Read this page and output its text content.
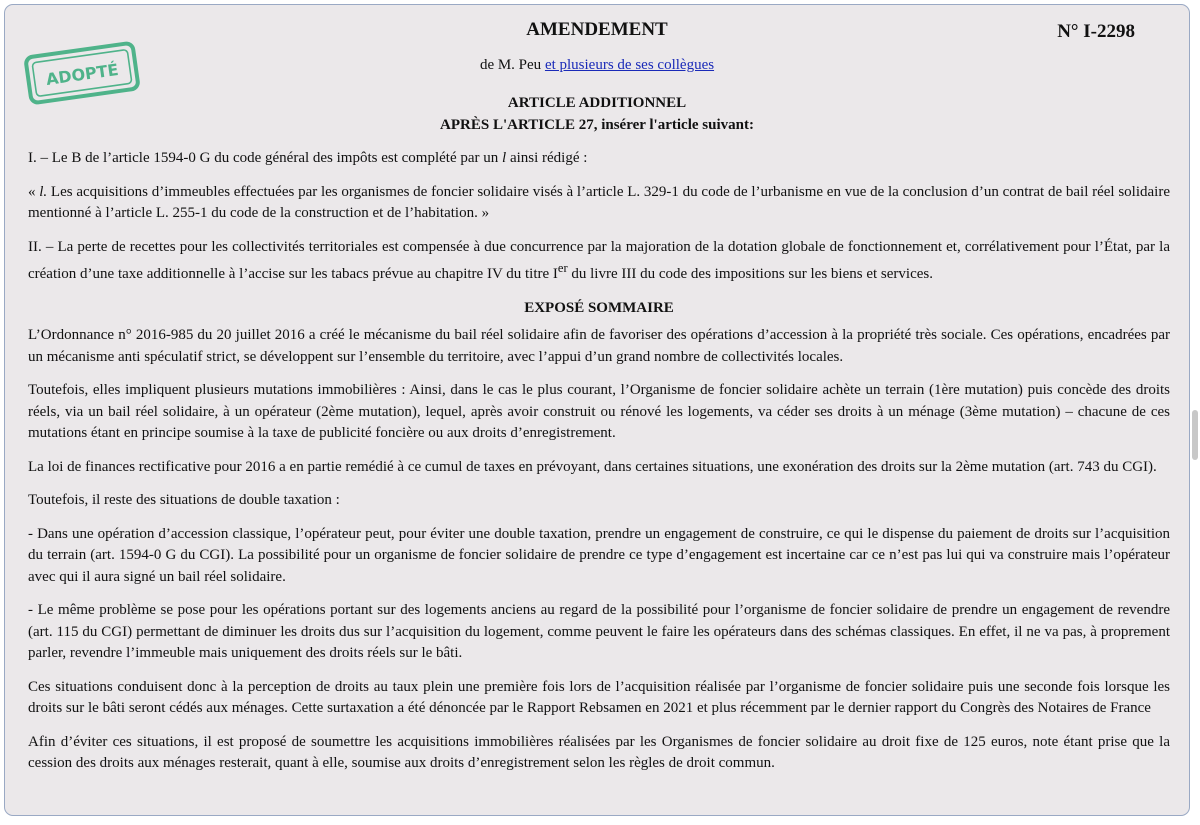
AMENDEMENT	N° I-2298
ADOPTÉ	de M. Peu et plusieurs de ses collègues
ARTICLE ADDITIONNEL
APRÈS L'ARTICLE 27, insérer l'article suivant:

I. – Le B de l’article 1594-0 G du code général des impôts est complété par un l ainsi rédigé :

« l. Les acquisitions d’immeubles effectuées par les organismes de foncier solidaire visés à l’article L. 329-1 du code de l’urbanisme en vue de la conclusion d’un contrat de bail réel solidaire mentionné à l’article L. 255-1 du code de la construction et de l’habitation. »

II. – La perte de recettes pour les collectivités territoriales est compensée à due concurrence par la majoration de la dotation globale de fonctionnement et, corrélativement pour l’État, par la création d’une taxe additionnelle à l’accise sur les tabacs prévue au chapitre IV du titre Ier du livre III du code des impositions sur les biens et services.

EXPOSÉ SOMMAIRE

L’Ordonnance n° 2016-985 du 20 juillet 2016 a créé le mécanisme du bail réel solidaire afin de favoriser des opérations d’accession à la propriété très sociale. Ces opérations, encadrées par un mécanisme anti spéculatif strict, se développent sur l’ensemble du territoire, avec l’appui d’un grand nombre de collectivités locales.

Toutefois, elles impliquent plusieurs mutations immobilières : Ainsi, dans le cas le plus courant, l’Organisme de foncier solidaire achète un terrain (1ère mutation) puis concède des droits réels, via un bail réel solidaire, à un opérateur (2ème mutation), lequel, après avoir construit ou rénové les logements, va céder ses droits à un ménage (3ème mutation) – chacune de ces mutations étant en principe soumise à la taxe de publicité foncière ou aux droits d’enregistrement.

La loi de finances rectificative pour 2016 a en partie remédié à ce cumul de taxes en prévoyant, dans certaines situations, une exonération des droits sur la 2ème mutation (art. 743 du CGI).

Toutefois, il reste des situations de double taxation :

- Dans une opération d’accession classique, l’opérateur peut, pour éviter une double taxation, prendre un engagement de construire, ce qui le dispense du paiement de droits sur l’acquisition du terrain (art. 1594-0 G du CGI). La possibilité pour un organisme de foncier solidaire de prendre ce type d’engagement est incertaine car ce n’est pas lui qui va construire mais l’opérateur avec qui il aura signé un bail réel solidaire.

- Le même problème se pose pour les opérations portant sur des logements anciens au regard de la possibilité pour l’organisme de foncier solidaire de prendre un engagement de revendre (art. 115 du CGI) permettant de diminuer les droits dus sur l’acquisition du logement, comme peuvent le faire les opérateurs dans des schémas classiques. En effet, il ne va pas, à proprement parler, revendre l’immeuble mais uniquement des droits réels sur le bâti.

Ces situations conduisent donc à la perception de droits au taux plein une première fois lors de l’acquisition réalisée par l’organisme de foncier solidaire puis une seconde fois lorsque les droits sur le bâti seront cédés aux ménages. Cette surtaxation a été dénoncée par le Rapport Rebsamen en 2021 et plus récemment par le dernier rapport du Congrès des Notaires de France

Afin d’éviter ces situations, il est proposé de soumettre les acquisitions immobilières réalisées par les Organismes de foncier solidaire au droit fixe de 125 euros, note étant prise que la cession des droits aux ménages resterait, quant à elle, soumise aux droits d’enregistrement selon les règles de droit commun.
